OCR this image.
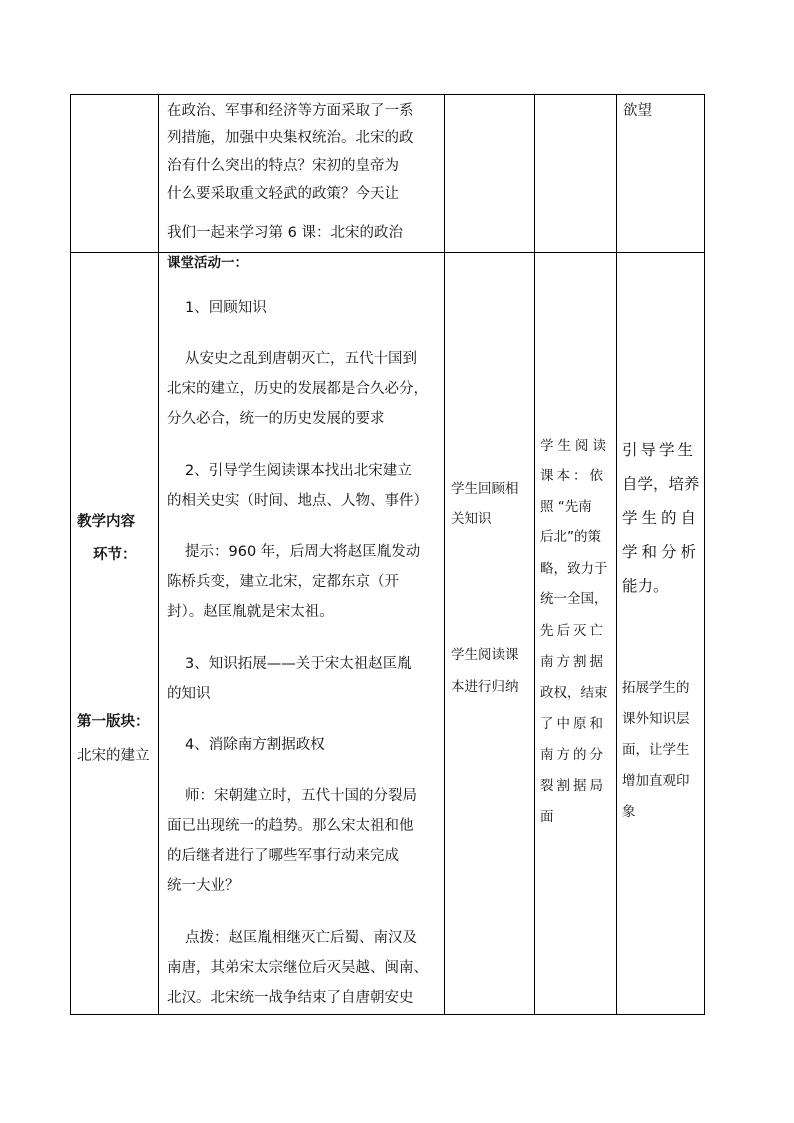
在政治、军事和经济等方面采取了一系
列措施，加强中央集权统治。北宋的政
治有什么突出的特点？宋初的皇帝为
什么要采取重文轻武的政策？今天让
我们一起来学习第 6 课：北宋的政治
欲望
教学内容
环节：
第一版块：
北宋的建立
课堂活动一：
1、回顾知识
从安史之乱到唐朝灭亡，五代十国到
北宋的建立，历史的发展都是合久必分，
分久必合，统一的历史发展的要求
2、引导学生阅读课本找出北宋建立
的相关史实（时间、地点、人物、事件）
提示：960 年，后周大将赵匡胤发动
陈桥兵变，建立北宋，定都东京（开
封）。赵匡胤就是宋太祖。
3、知识拓展——关于宋太祖赵匡胤
的知识
4、消除南方割据政权
师：宋朝建立时，五代十国的分裂局
面已出现统一的趋势。那么宋太祖和他
的后继者进行了哪些军事行动来完成
统一大业？
点拨：赵匡胤相继灭亡后蜀、南汉及
南唐，其弟宋太宗继位后灭吴越、闽南、
北汉。北宋统一战争结束了自唐朝安史
学生回顾相
关知识
学生阅读课
本进行归纳
学生阅读
课本：依
照 “先南
后北”的策
略，致力于
统一全国，
先后灭亡
南方割据
政权，结束
了中原和
南方的分
裂割据局
面
引导学生
自学，培养
学生的自
学和分析
能力。
拓展学生的
课外知识层
面，让学生
增加直观印
象
